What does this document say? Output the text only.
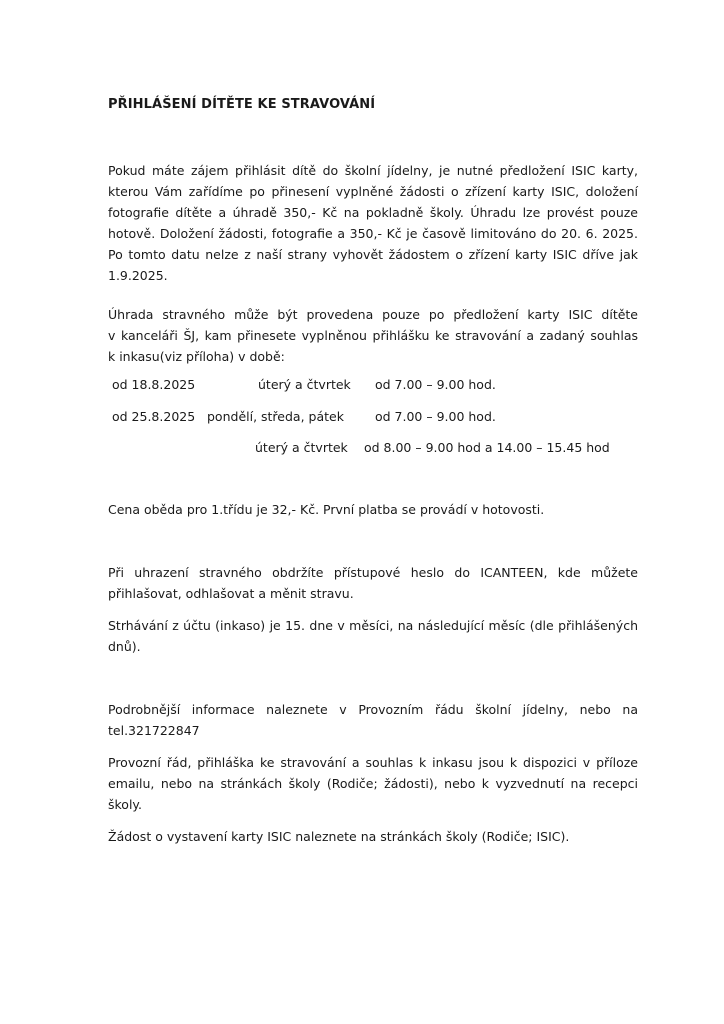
PŘIHLÁŠENÍ DÍTĚTE KE STRAVOVÁNÍ
Pokud máte zájem přihlásit dítě do školní jídelny, je nutné předložení ISIC karty,
kterou Vám zařídíme po přinesení vyplněné žádosti o zřízení karty ISIC, doložení
fotografie dítěte a úhradě 350,- Kč na pokladně školy. Úhradu lze provést pouze
hotově. Doložení žádosti, fotografie a 350,- Kč je časově limitováno do 20. 6. 2025.
Po tomto datu nelze z naší strany vyhovět žádostem o zřízení karty ISIC dříve jak
1.9.2025.
Úhrada stravného může být provedena pouze po předložení karty ISIC dítěte
v kanceláři ŠJ, kam přinesete vyplněnou přihlášku ke stravování a zadaný souhlas
k inkasu(viz příloha) v době:
od 18.8.2025	úterý a čtvrtek od 7.00 – 9.00 hod.
od 25.8.2025 pondělí, středa, pátek od 7.00 – 9.00 hod.
úterý a čtvrtek od 8.00 – 9.00 hod a 14.00 – 15.45 hod
Cena oběda pro 1.třídu je 32,- Kč. První platba se provádí v hotovosti.
Při uhrazení stravného obdržíte přístupové heslo do ICANTEEN, kde můžete
přihlašovat, odhlašovat a měnit stravu.
Strhávání z účtu (inkaso) je 15. dne v měsíci, na následující měsíc (dle přihlášených
dnů).
Podrobnější informace naleznete v Provozním řádu školní jídelny, nebo na
tel.321722847
Provozní řád, přihláška ke stravování a souhlas k inkasu jsou k dispozici v příloze
emailu, nebo na stránkách školy (Rodiče; žádosti), nebo k vyzvednutí na recepci
školy.
Žádost o vystavení karty ISIC naleznete na stránkách školy (Rodiče; ISIC).
